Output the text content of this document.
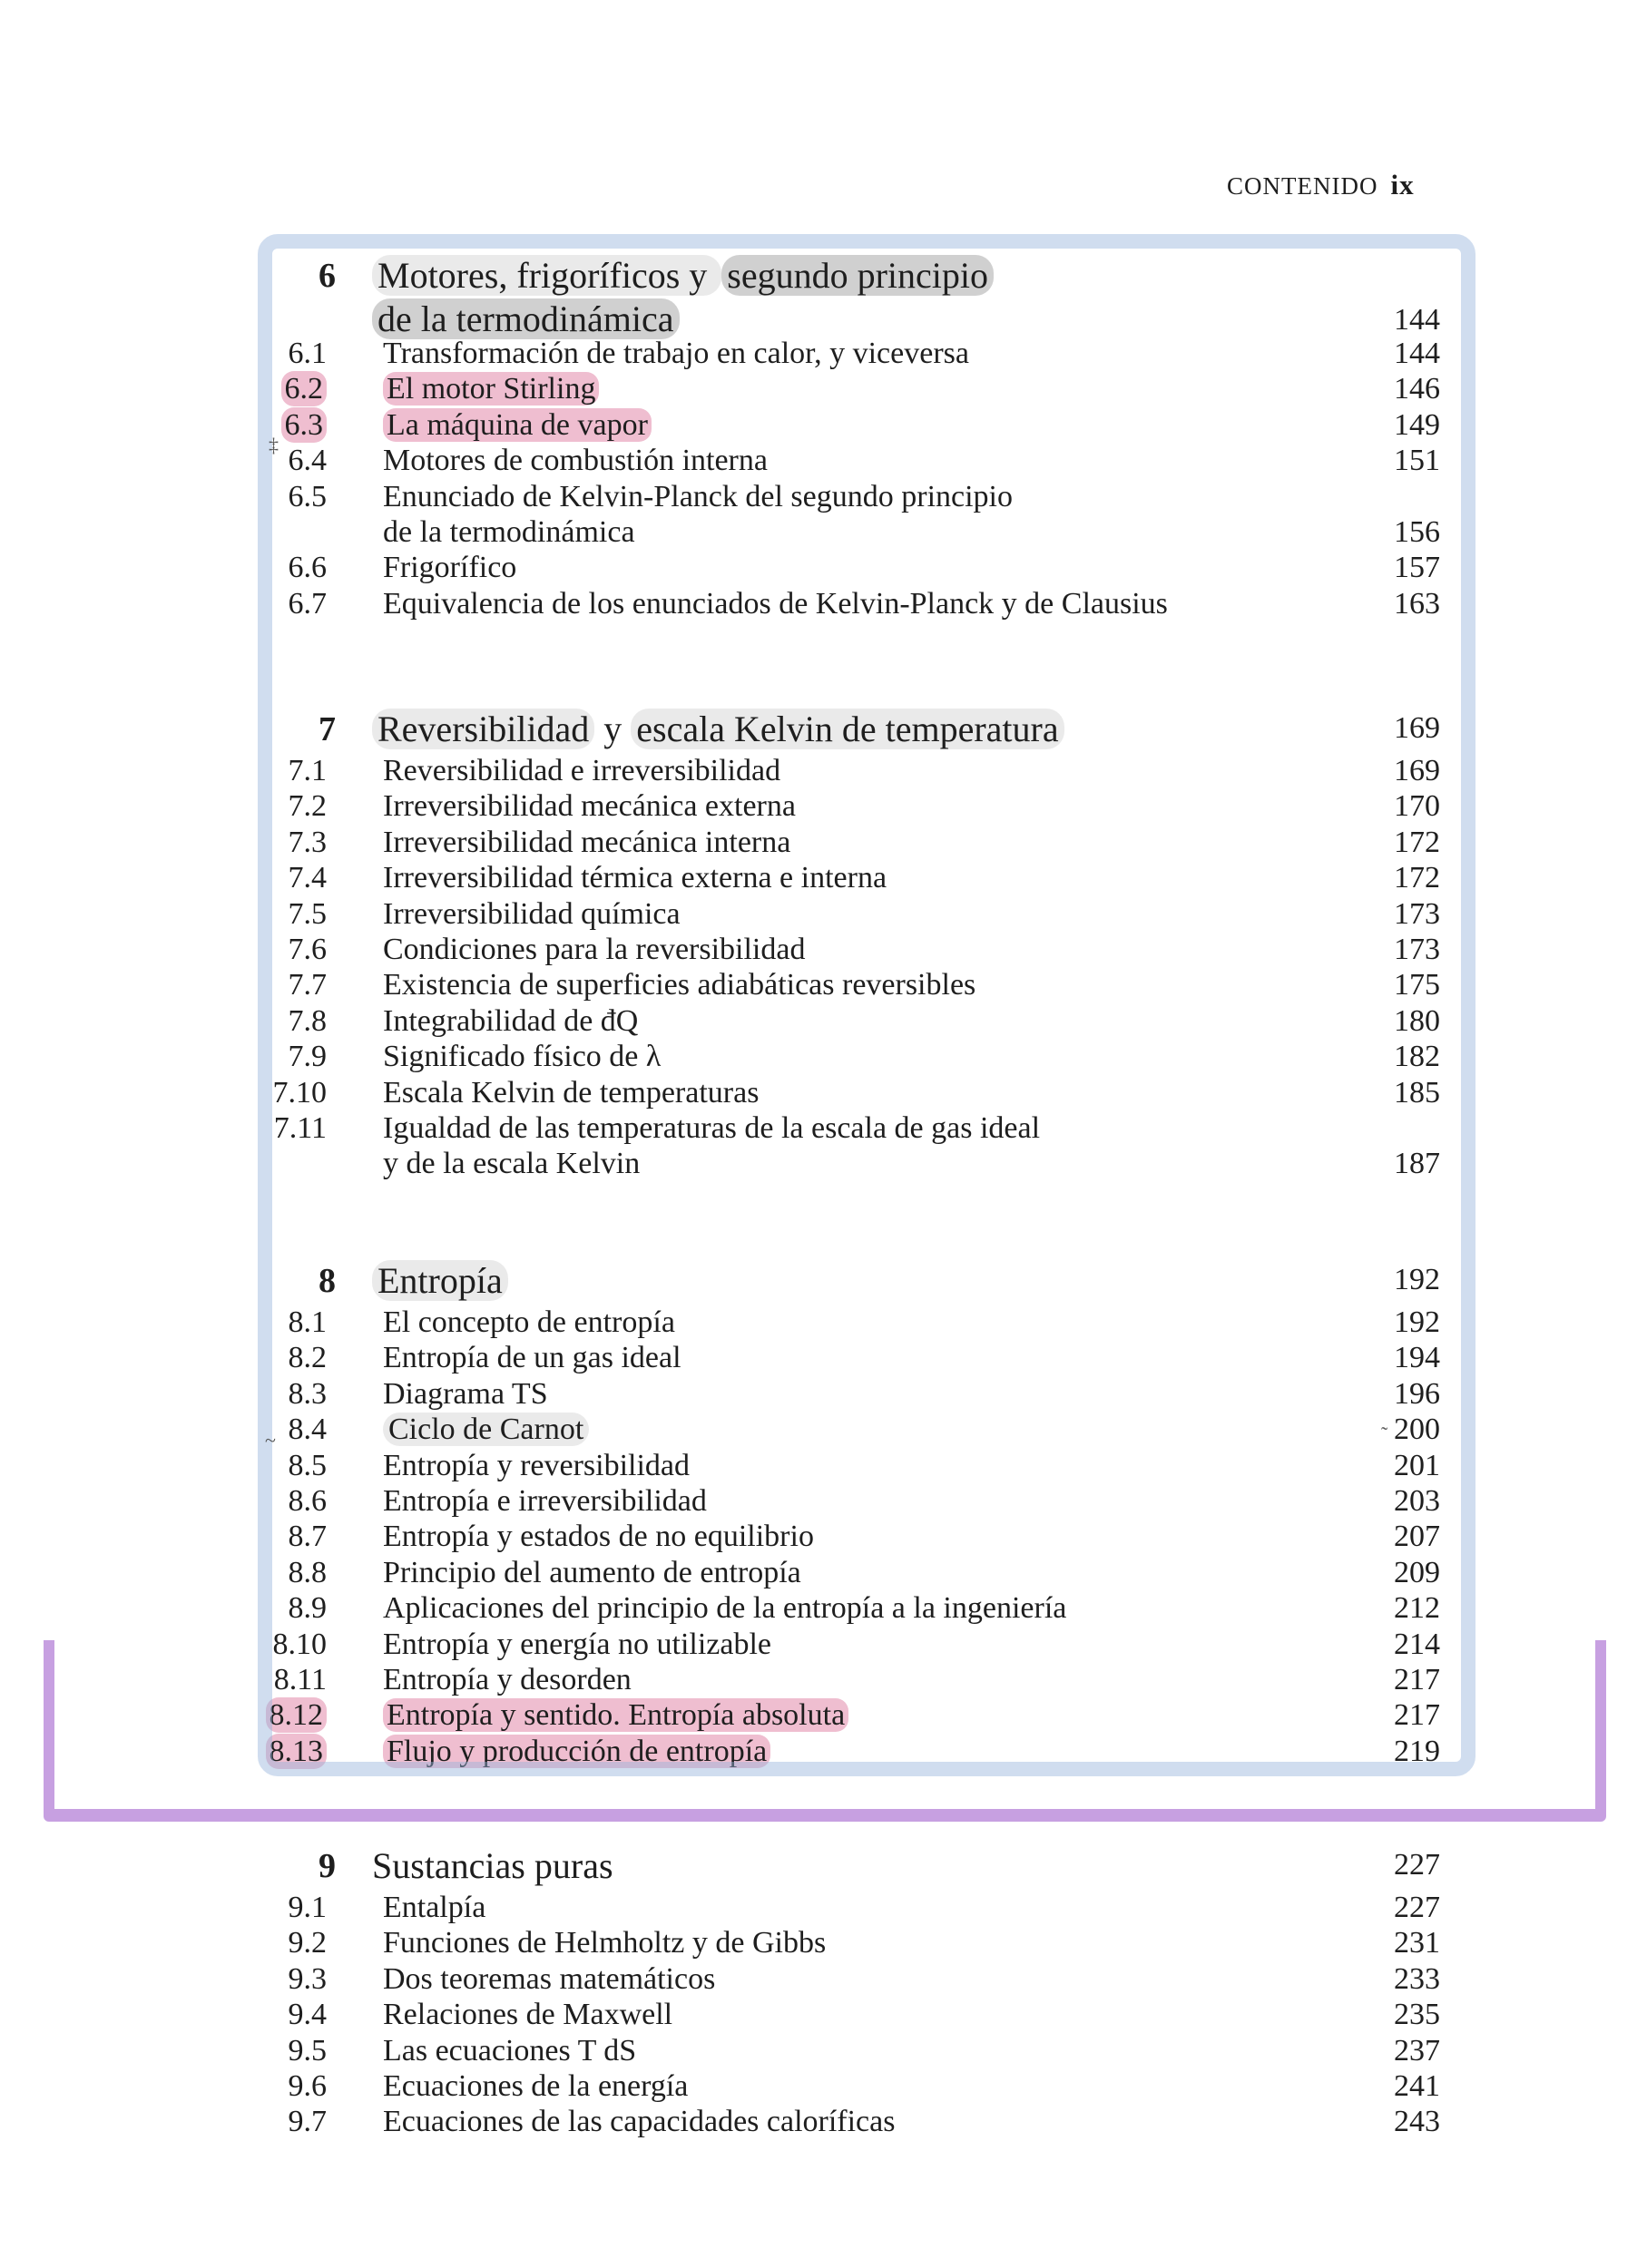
CONTENIDO ix
6 Motores, frigoríficos y segundo principio
de la termodinámica	144
6.1 Transformación de trabajo en calor, y viceversa	144
6.2 El motor Stirling	146
6.3 La máquina de vapor	149
6.4 Motores de combustión interna	151
6.5 Enunciado de Kelvin-Planck del segundo principio
de la termodinámica	156
6.6 Frigorífico	157
6.7 Equivalencia de los enunciados de Kelvin-Planck y de Clausius	163
7 Reversibilidad y escala Kelvin de temperatura	169
7.1 Reversibilidad e irreversibilidad	169
7.2 Irreversibilidad mecánica externa	170
7.3 Irreversibilidad mecánica interna	172
7.4 Irreversibilidad térmica externa e interna	172
7.5 Irreversibilidad química	173
7.6 Condiciones para la reversibilidad	173
7.7 Existencia de superficies adiabáticas reversibles	175
7.8 Integrabilidad de đQ	180
7.9 Significado físico de λ	182
7.10 Escala Kelvin de temperaturas	185
7.11 Igualdad de las temperaturas de la escala de gas ideal
y de la escala Kelvin	187
8 Entropía	192
8.1 El concepto de entropía	192
8.2 Entropía de un gas ideal	194
8.3 Diagrama TS	196
8.4 Ciclo de Carnot	200
8.5 Entropía y reversibilidad	201
8.6 Entropía e irreversibilidad	203
8.7 Entropía y estados de no equilibrio	207
8.8 Principio del aumento de entropía	209
8.9 Aplicaciones del principio de la entropía a la ingeniería	212
8.10 Entropía y energía no utilizable	214
8.11 Entropía y desorden	217
8.12 Entropía y sentido. Entropía absoluta	217
8.13 Flujo y producción de entropía	219
9 Sustancias puras	227
9.1 Entalpía	227
9.2 Funciones de Helmholtz y de Gibbs	231
9.3 Dos teoremas matemáticos	233
9.4 Relaciones de Maxwell	235
9.5 Las ecuaciones T dS	237
9.6 Ecuaciones de la energía	241
9.7 Ecuaciones de las capacidades caloríficas	243
‡
~	˜
